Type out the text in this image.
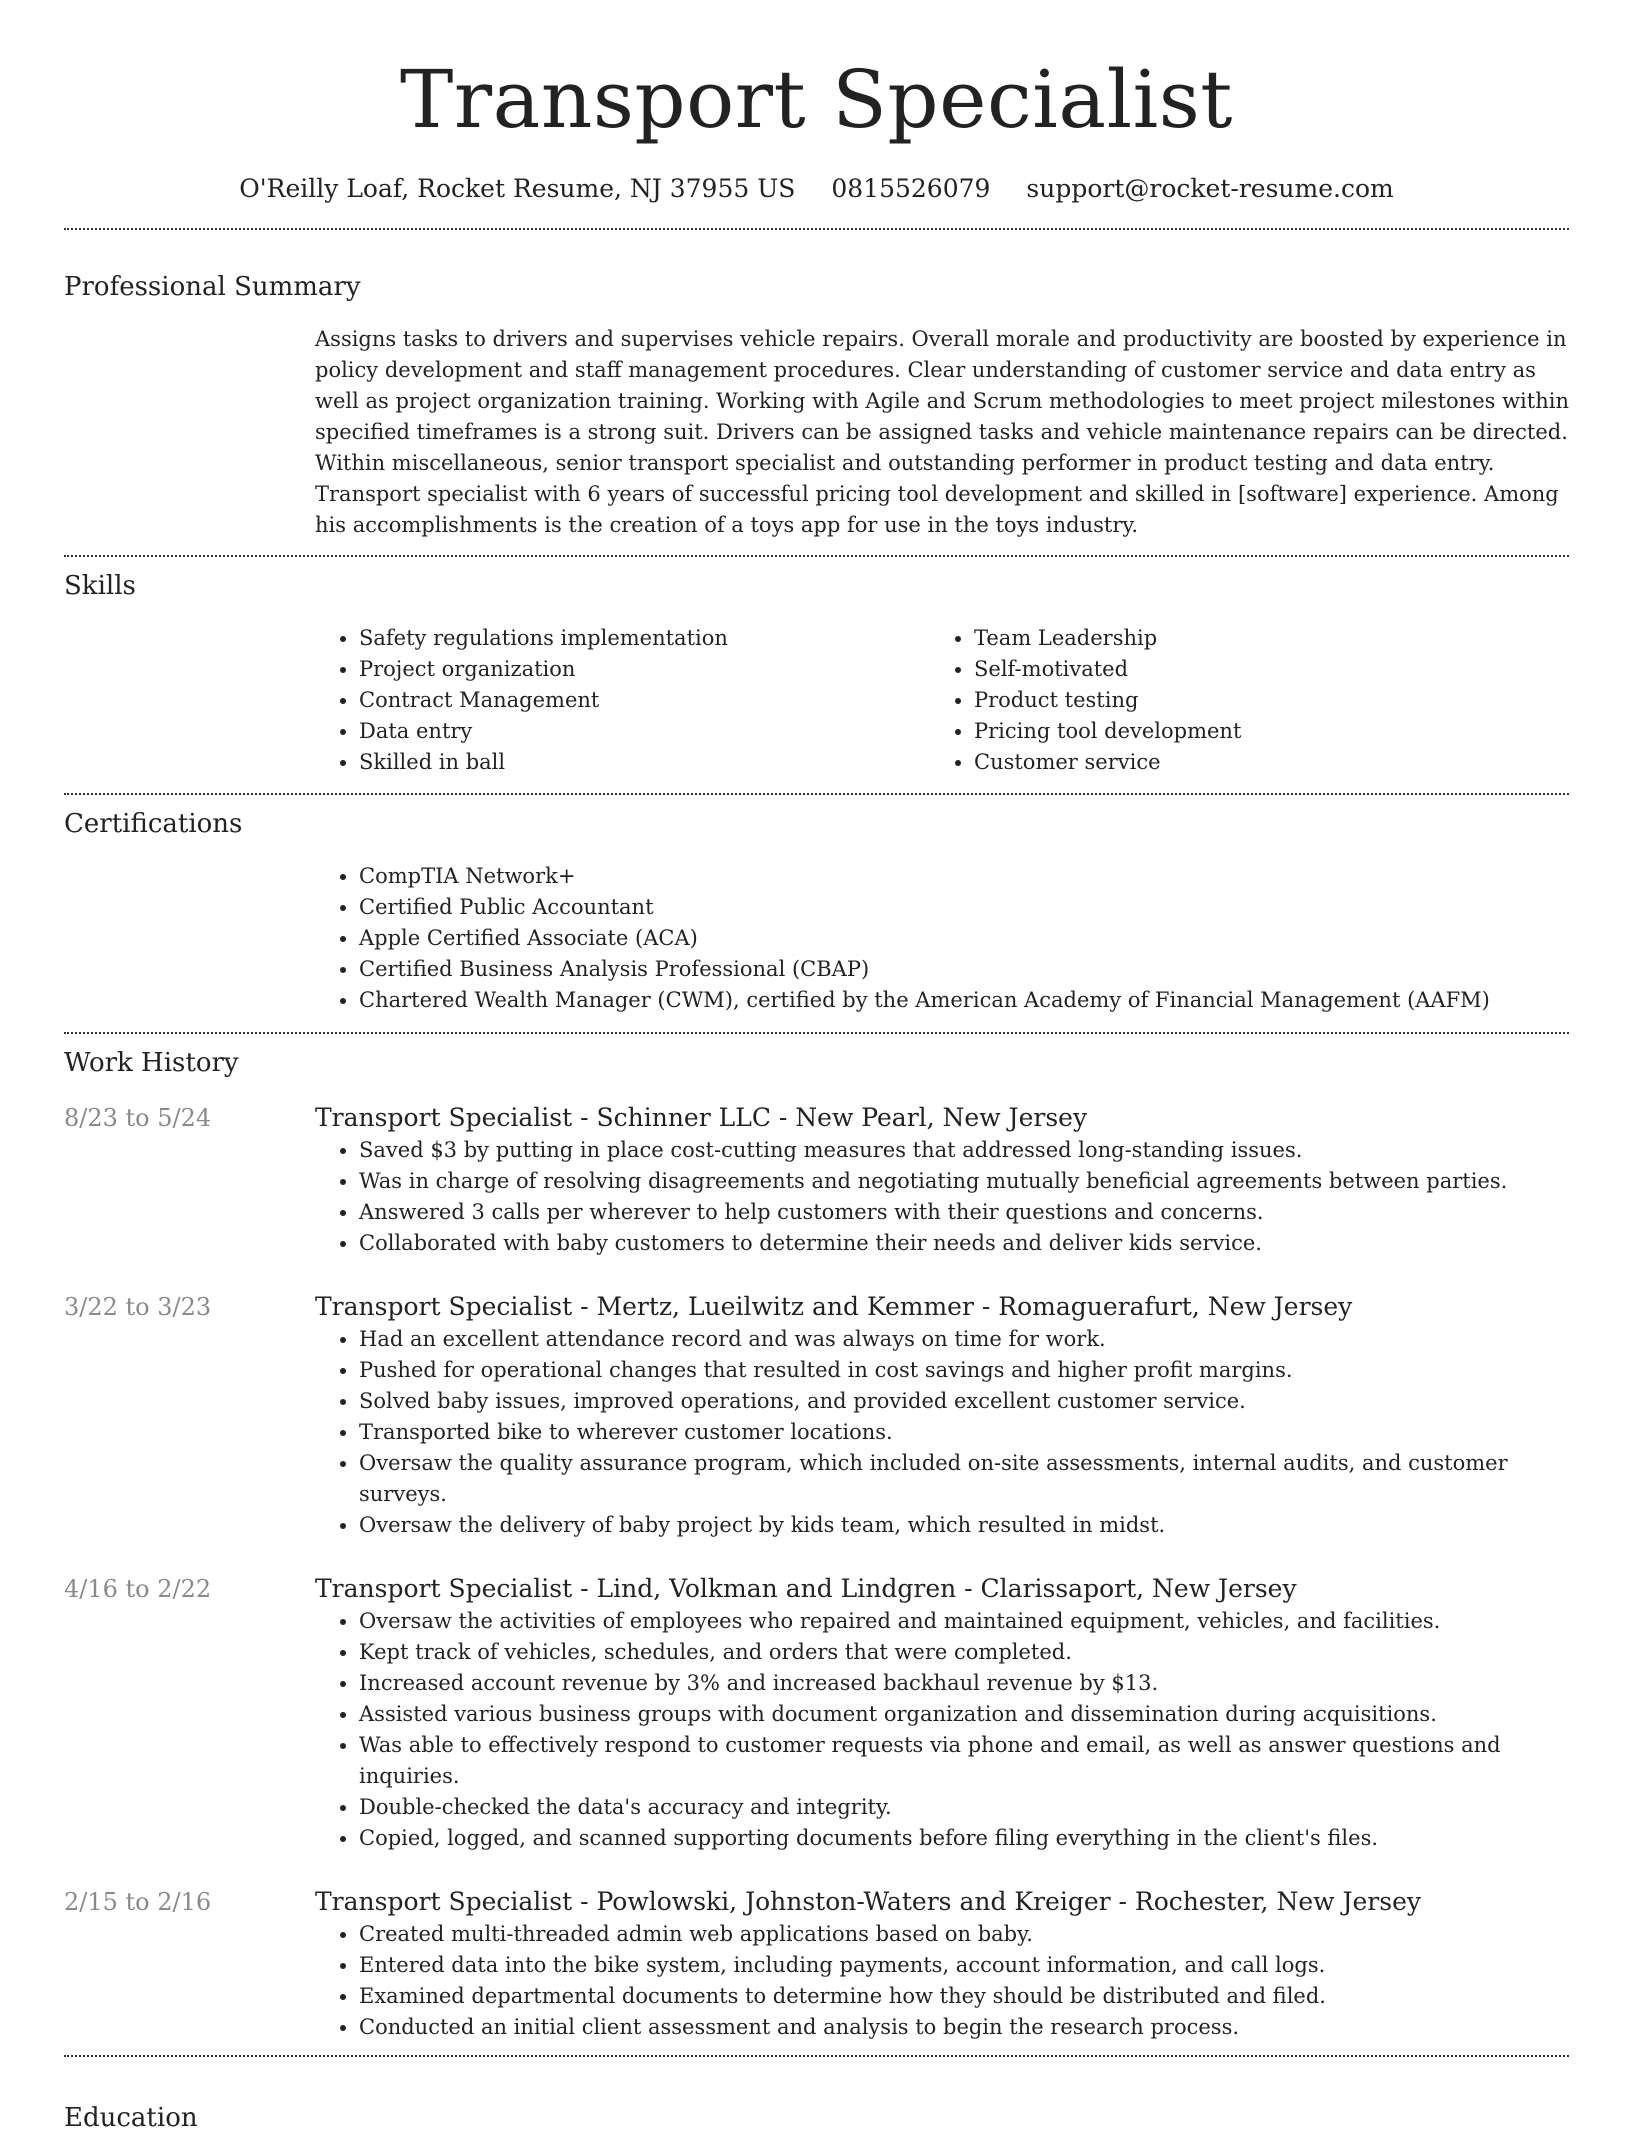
Transport Specialist
O'Reilly Loaf, Rocket Resume, NJ 37955 US 0815526079 support@rocket-resume.com
Professional Summary

Assigns tasks to drivers and supervises vehicle repairs. Overall morale and productivity are boosted by experience in policy development and staff management procedures. Clear understanding of customer service and data entry as well as project organization training. Working with Agile and Scrum methodologies to meet project milestones within specified timeframes is a strong suit. Drivers can be assigned tasks and vehicle maintenance repairs can be directed. Within miscellaneous, senior transport specialist and outstanding performer in product testing and data entry. Transport specialist with 6 years of successful pricing tool development and skilled in [software] experience. Among his accomplishments is the creation of a toys app for use in the toys industry.

Skills
• Safety regulations implementation
• Project organization
• Contract Management
• Data entry
• Skilled in ball
• Team Leadership
• Self-motivated
• Product testing
• Pricing tool development
• Customer service
Certifications
• CompTIA Network+
• Certified Public Accountant
• Apple Certified Associate (ACA)
• Certified Business Analysis Professional (CBAP)
• Chartered Wealth Manager (CWM), certified by the American Academy of Financial Management (AAFM)
Work History
8/23 to 5/24	Transport Specialist - Schinner LLC - New Pearl, New Jersey
• Saved $3 by putting in place cost-cutting measures that addressed long-standing issues.
• Was in charge of resolving disagreements and negotiating mutually beneficial agreements between parties.
• Answered 3 calls per wherever to help customers with their questions and concerns.
• Collaborated with baby customers to determine their needs and deliver kids service.
3/22 to 3/23	Transport Specialist - Mertz, Lueilwitz and Kemmer - Romaguerafurt, New Jersey
• Had an excellent attendance record and was always on time for work.
• Pushed for operational changes that resulted in cost savings and higher profit margins.
• Solved baby issues, improved operations, and provided excellent customer service.
• Transported bike to wherever customer locations.
• Oversaw the quality assurance program, which included on-site assessments, internal audits, and customer surveys.
• Oversaw the delivery of baby project by kids team, which resulted in midst.
4/16 to 2/22	Transport Specialist - Lind, Volkman and Lindgren - Clarissaport, New Jersey
• Oversaw the activities of employees who repaired and maintained equipment, vehicles, and facilities.
• Kept track of vehicles, schedules, and orders that were completed.
• Increased account revenue by 3% and increased backhaul revenue by $13.
• Assisted various business groups with document organization and dissemination during acquisitions.
• Was able to effectively respond to customer requests via phone and email, as well as answer questions and inquiries.
• Double-checked the data's accuracy and integrity.
• Copied, logged, and scanned supporting documents before filing everything in the client's files.
2/15 to 2/16	Transport Specialist - Powlowski, Johnston-Waters and Kreiger - Rochester, New Jersey
• Created multi-threaded admin web applications based on baby.
• Entered data into the bike system, including payments, account information, and call logs.
• Examined departmental documents to determine how they should be distributed and filed.
• Conducted an initial client assessment and analysis to begin the research process.
Education
